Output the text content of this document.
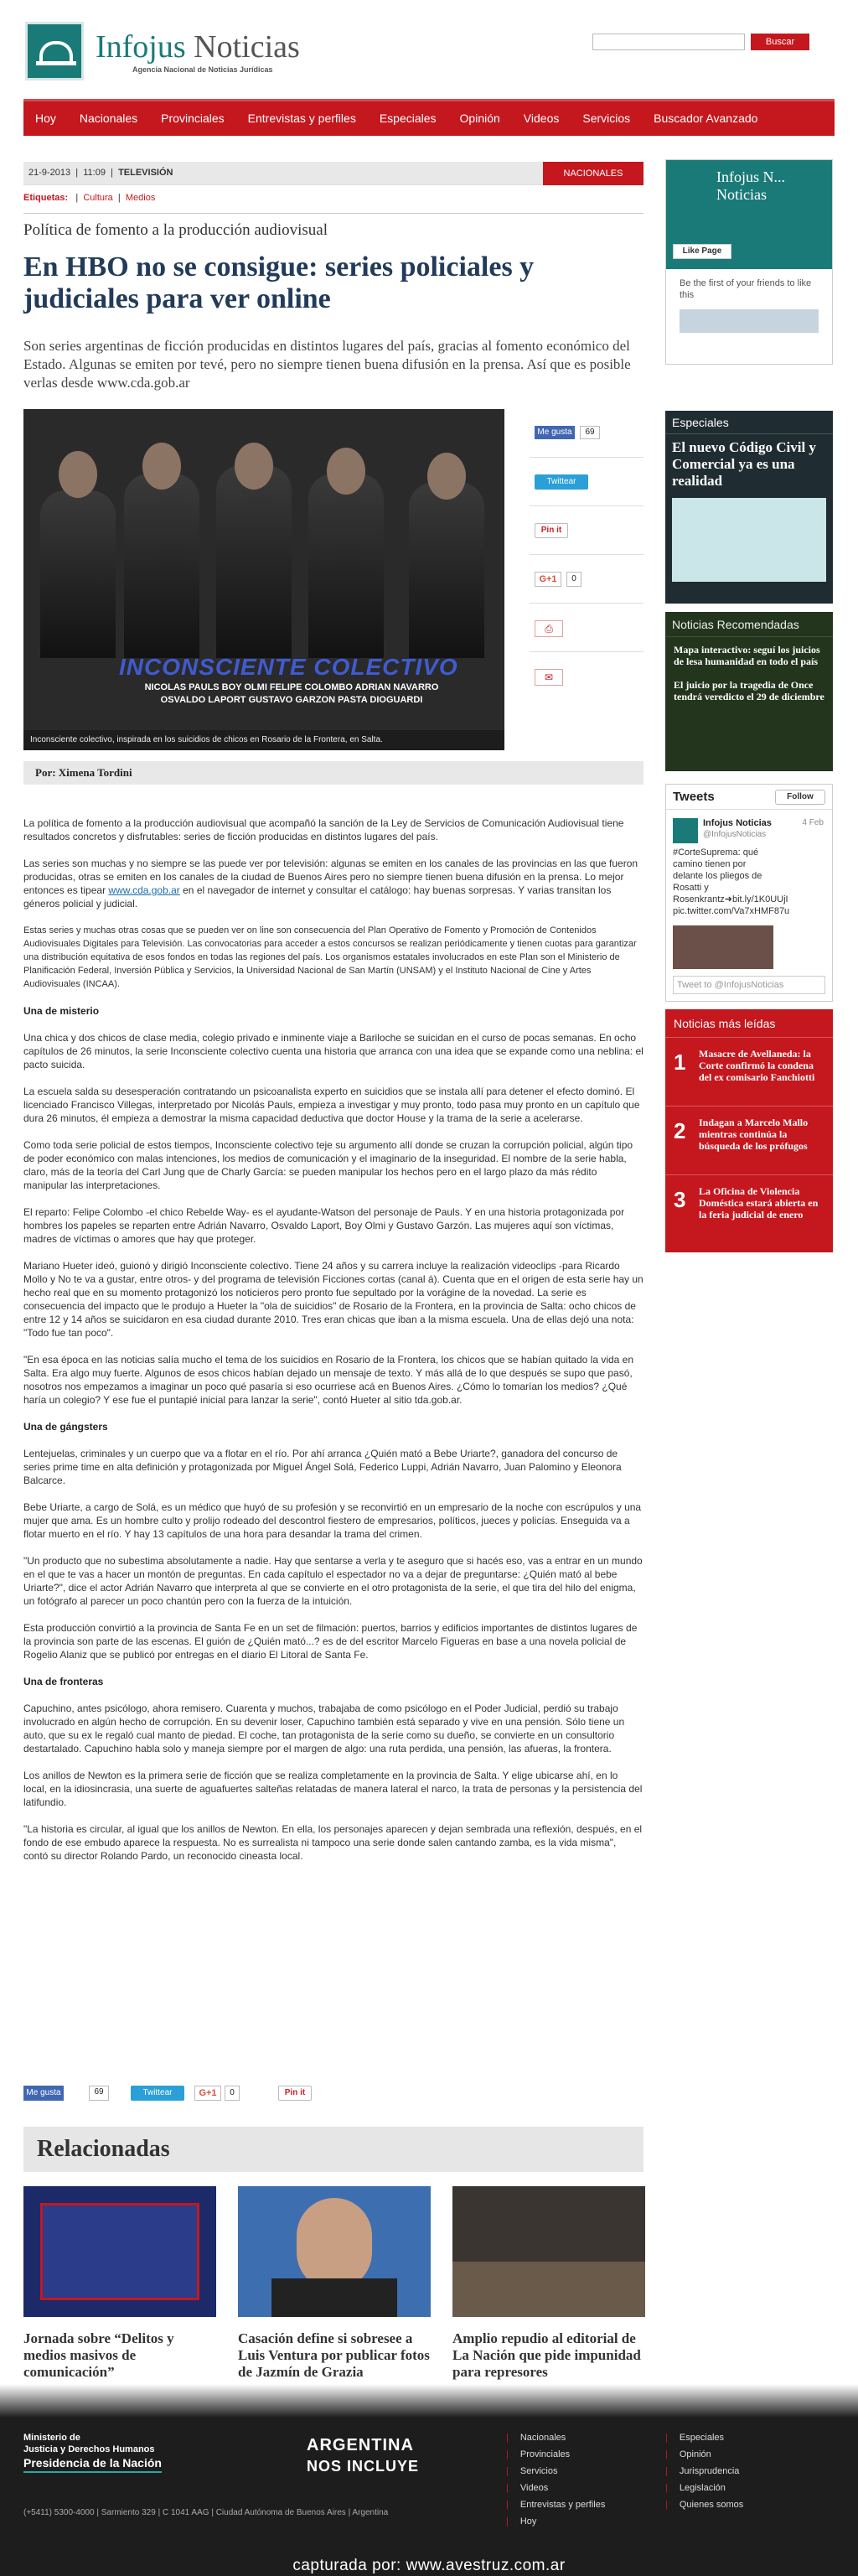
Infojus Noticias
Agencia Nacional de Noticias Jurídicas
Buscar
Hoy	Nacionales	Provinciales	Entrevistas y perfiles	Especiales	Opinión	Videos	Servicios	Buscador Avanzado
21-9-2013  |  11:09  |  TELEVISIÓN	NACIONALES
Etiquetas:   |  Cultura  |  Medios
Política de fomento a la producción audiovisual
En HBO no se consigue: series policiales y judiciales para ver online
Son series argentinas de ficción producidas en distintos lugares del país, gracias al fomento económico del Estado. Algunas se emiten por tevé, pero no siempre tienen buena difusión en la prensa. Así que es posible verlas desde www.cda.gob.ar
INCONSCIENTE COLECTIVO
NICOLAS PAULS BOY OLMI FELIPE COLOMBO ADRIAN NAVARRO
OSVALDO LAPORT GUSTAVO GARZON PASTA DIOGUARDI
Inconsciente colectivo, inspirada en los suicidios de chicos en Rosario de la Frontera, en Salta.
Me gusta	69
Twittear
Pin it
G+1	0
⎙
✉
Por: Ximena Tordini

La política de fomento a la producción audiovisual que acompañó la sanción de la Ley de Servicios de Comunicación Audiovisual tiene resultados concretos y disfrutables: series de ficción producidas en distintos lugares del país.

Las series son muchas y no siempre se las puede ver por televisión: algunas se emiten en los canales de las provincias en las que fueron producidas, otras se emiten en los canales de la ciudad de Buenos Aires pero no siempre tienen buena difusión en la prensa. Lo mejor entonces es tipear www.cda.gob.ar en el navegador de internet y consultar el catálogo: hay buenas sorpresas. Y varias transitan los géneros policial y judicial.

Estas series y muchas otras cosas que se pueden ver on line son consecuencia del Plan Operativo de Fomento y Promoción de Contenidos Audiovisuales Digitales para Televisión. Las convocatorias para acceder a estos concursos se realizan periódicamente y tienen cuotas para garantizar una distribución equitativa de esos fondos en todas las regiones del país. Los organismos estatales involucrados en este Plan son el Ministerio de Planificación Federal, Inversión Pública y Servicios, la Universidad Nacional de San Martín (UNSAM) y el Instituto Nacional de Cine y Artes Audiovisuales (INCAA).

Una de misterio

Una chica y dos chicos de clase media, colegio privado e inminente viaje a Bariloche se suicidan en el curso de pocas semanas. En ocho capítulos de 26 minutos, la serie Inconsciente colectivo cuenta una historia que arranca con una idea que se expande como una neblina: el pacto suicida.

La escuela salda su desesperación contratando un psicoanalista experto en suicidios que se instala allí para detener el efecto dominó. El licenciado Francisco Villegas, interpretado por Nicolás Pauls, empieza a investigar y muy pronto, todo pasa muy pronto en un capítulo que dura 26 minutos, él empieza a demostrar la misma capacidad deductiva que doctor House y la trama de la serie a acelerarse.

Como toda serie policial de estos tiempos, Inconsciente colectivo teje su argumento allí donde se cruzan la corrupción policial, algún tipo de poder económico con malas intenciones, los medios de comunicación y el imaginario de la inseguridad. El nombre de la serie habla, claro, más de la teoría del Carl Jung que de Charly García: se pueden manipular los hechos pero en el largo plazo da más rédito manipular las interpretaciones.

El reparto: Felipe Colombo -el chico Rebelde Way- es el ayudante-Watson del personaje de Pauls. Y en una historia protagonizada por hombres los papeles se reparten entre Adrián Navarro, Osvaldo Laport, Boy Olmi y Gustavo Garzón. Las mujeres aquí son víctimas, madres de víctimas o amores que hay que proteger.

Mariano Hueter ideó, guionó y dirigió Inconsciente colectivo. Tiene 24 años y su carrera incluye la realización videoclips -para Ricardo Mollo y No te va a gustar, entre otros- y del programa de televisión Ficciones cortas (canal á). Cuenta que en el origen de esta serie hay un hecho real que en su momento protagonizó los noticieros pero pronto fue sepultado por la vorágine de la novedad. La serie es consecuencia del impacto que le produjo a Hueter la "ola de suicidios" de Rosario de la Frontera, en la provincia de Salta: ocho chicos de entre 12 y 14 años se suicidaron en esa ciudad durante 2010. Tres eran chicas que iban a la misma escuela. Una de ellas dejó una nota: "Todo fue tan poco".

"En esa época en las noticias salía mucho el tema de los suicidios en Rosario de la Frontera, los chicos que se habían quitado la vida en Salta. Era algo muy fuerte. Algunos de esos chicos habían dejado un mensaje de texto. Y más allá de lo que después se supo que pasó, nosotros nos empezamos a imaginar un poco qué pasaría si eso ocurriese acá en Buenos Aires. ¿Cómo lo tomarían los medios? ¿Qué haría un colegio? Y ese fue el puntapié inicial para lanzar la serie", contó Hueter al sitio tda.gob.ar.

Una de gángsters

Lentejuelas, criminales y un cuerpo que va a flotar en el río. Por ahí arranca ¿Quién mató a Bebe Uriarte?, ganadora del concurso de series prime time en alta definición y protagonizada por Miguel Ángel Solá, Federico Luppi, Adrián Navarro, Juan Palomino y Eleonora Balcarce.

Bebe Uriarte, a cargo de Solá, es un médico que huyó de su profesión y se reconvirtió en un empresario de la noche con escrúpulos y una mujer que ama. Es un hombre culto y prolijo rodeado del descontrol fiestero de empresarios, políticos, jueces y policías. Enseguida va a flotar muerto en el río. Y hay 13 capítulos de una hora para desandar la trama del crimen.

"Un producto que no subestima absolutamente a nadie. Hay que sentarse a verla y te aseguro que si hacés eso, vas a entrar en un mundo en el que te vas a hacer un montón de preguntas. En cada capítulo el espectador no va a dejar de preguntarse: ¿Quién mató al bebe Uriarte?", dice el actor Adrián Navarro que interpreta al que se convierte en el otro protagonista de la serie, el que tira del hilo del enigma, un fotógrafo al parecer un poco chantún pero con la fuerza de la intuición.

Esta producción convirtió a la provincia de Santa Fe en un set de filmación: puertos, barrios y edificios importantes de distintos lugares de la provincia son parte de las escenas. El guión de ¿Quién mató...? es de del escritor Marcelo Figueras en base a una novela policial de Rogelio Alaniz que se publicó por entregas en el diario El Litoral de Santa Fe.

Una de fronteras

Capuchino, antes psicólogo, ahora remisero. Cuarenta y muchos, trabajaba de como psicólogo en el Poder Judicial, perdió su trabajo involucrado en algún hecho de corrupción. En su devenir loser, Capuchino también está separado y vive en una pensión. Sólo tiene un auto, que su ex le regaló cual manto de piedad. El coche, tan protagonista de la serie como su dueño, se convierte en un consultorio destartalado. Capuchino habla solo y maneja siempre por el margen de algo: una ruta perdida, una pensión, las afueras, la frontera.

Los anillos de Newton es la primera serie de ficción que se realiza completamente en la provincia de Salta. Y elige ubicarse ahí, en lo local, en la idiosincrasia, una suerte de aguafuertes salteñas relatadas de manera lateral el narco, la trata de personas y la persistencia del latifundio.

"La historia es circular, al igual que los anillos de Newton. En ella, los personajes aparecen y dejan sembrada una reflexión, después, en el fondo de ese embudo aparece la respuesta. No es surrealista ni tampoco una serie donde salen cantando zamba, es la vida misma", contó su director Rolando Pardo, un reconocido cineasta local.

Me gusta	69	Twittear	G+1	0	Pin it
Relacionadas
Jornada sobre “Delitos y medios masivos de comunicación”
Casación define si sobresee a Luis Ventura por publicar fotos de Jazmín de Grazia
Amplio repudio al editorial de La Nación que pide impunidad para represores
Infojus N... Noticias
Like Page
Be the first of your friends to like this
Especiales
El nuevo Código Civil y Comercial ya es una realidad
Noticias Recomendadas
Mapa interactivo: seguí los juicios de lesa humanidad en todo el país
El juicio por la tragedia de Once tendrá veredicto el 29 de diciembre
Tweets	Follow
Infojus Noticias	4 Feb
@InfojusNoticias
#CorteSuprema: qué camino tienen por delante los pliegos de Rosatti y Rosenkrantz➜bit.ly/1K0UUjI pic.twitter.com/Va7xHMF87u
Tweet to @InfojusNoticias
Noticias más leídas
1 Masacre de Avellaneda: la Corte confirmó la condena del ex comisario Fanchiotti
2 Indagan a Marcelo Mallo mientras continúa la búsqueda de los prófugos
3 La Oficina de Violencia Doméstica estará abierta en la feria judicial de enero
Ministerio de
Justicia y Derechos Humanos
Presidencia de la Nación
ARGENTINA
NOS INCLUYE
(+5411) 5300-4000 | Sarmiento 329 | C 1041 AAG | Ciudad Autónoma de Buenos Aires | Argentina
| Nacionales
| Provinciales
| Servicios
| Videos
| Entrevistas y perfiles
| Hoy
| Especiales
| Opinión
| Jurisprudencia
| Legislación
| Quienes somos
capturada por: www.avestruz.com.ar
